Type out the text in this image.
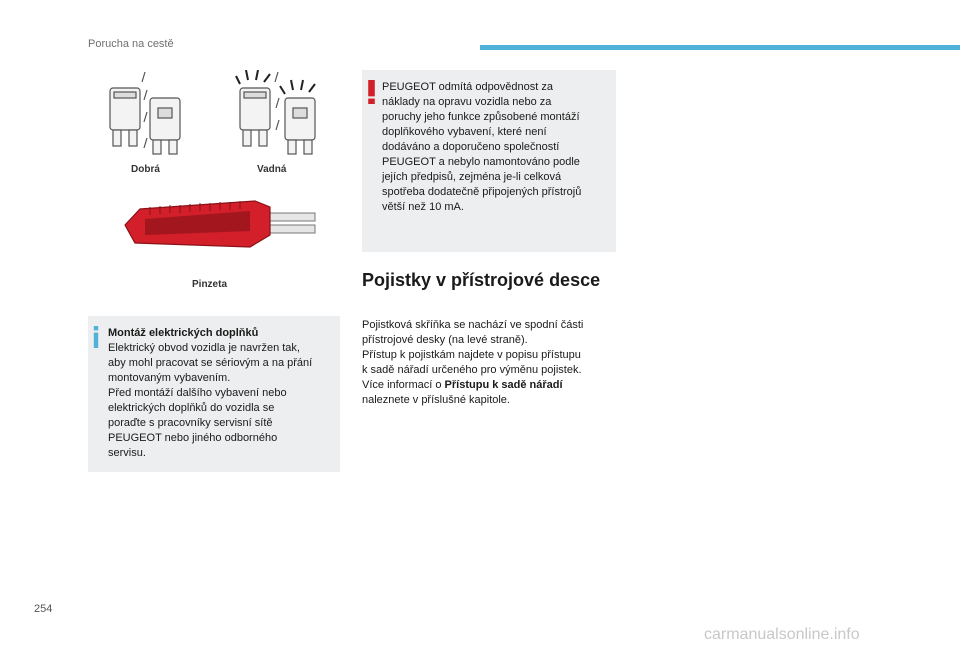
Porucha na cestě
Dobrá	Vadná
Pinzeta
Montáž elektrických doplňků
Elektrický obvod vozidla je navržen tak,
aby mohl pracovat se sériovým a na přání
montovaným vybavením.
Před montáží dalšího vybavení nebo
elektrických doplňků do vozidla se
poraďte s pracovníky servisní sítě
PEUGEOT nebo jiného odborného
servisu.
PEUGEOT odmítá odpovědnost za
náklady na opravu vozidla nebo za
poruchy jeho funkce způsobené montáží
doplňkového vybavení, které není
dodáváno a doporučeno společností
PEUGEOT a nebylo namontováno podle
jejích předpisů, zejména je-li celková
spotřeba dodatečně připojených přístrojů
větší než 10 mA.
Pojistky v přístrojové desce
Pojistková skříňka se nachází ve spodní části
přístrojové desky (na levé straně).
Přístup k pojistkám najdete v popisu přístupu
k sadě nářadí určeného pro výměnu pojistek.
Více informací o Přístupu k sadě nářadí
naleznete v příslušné kapitole.
254
carmanualsonline.info
